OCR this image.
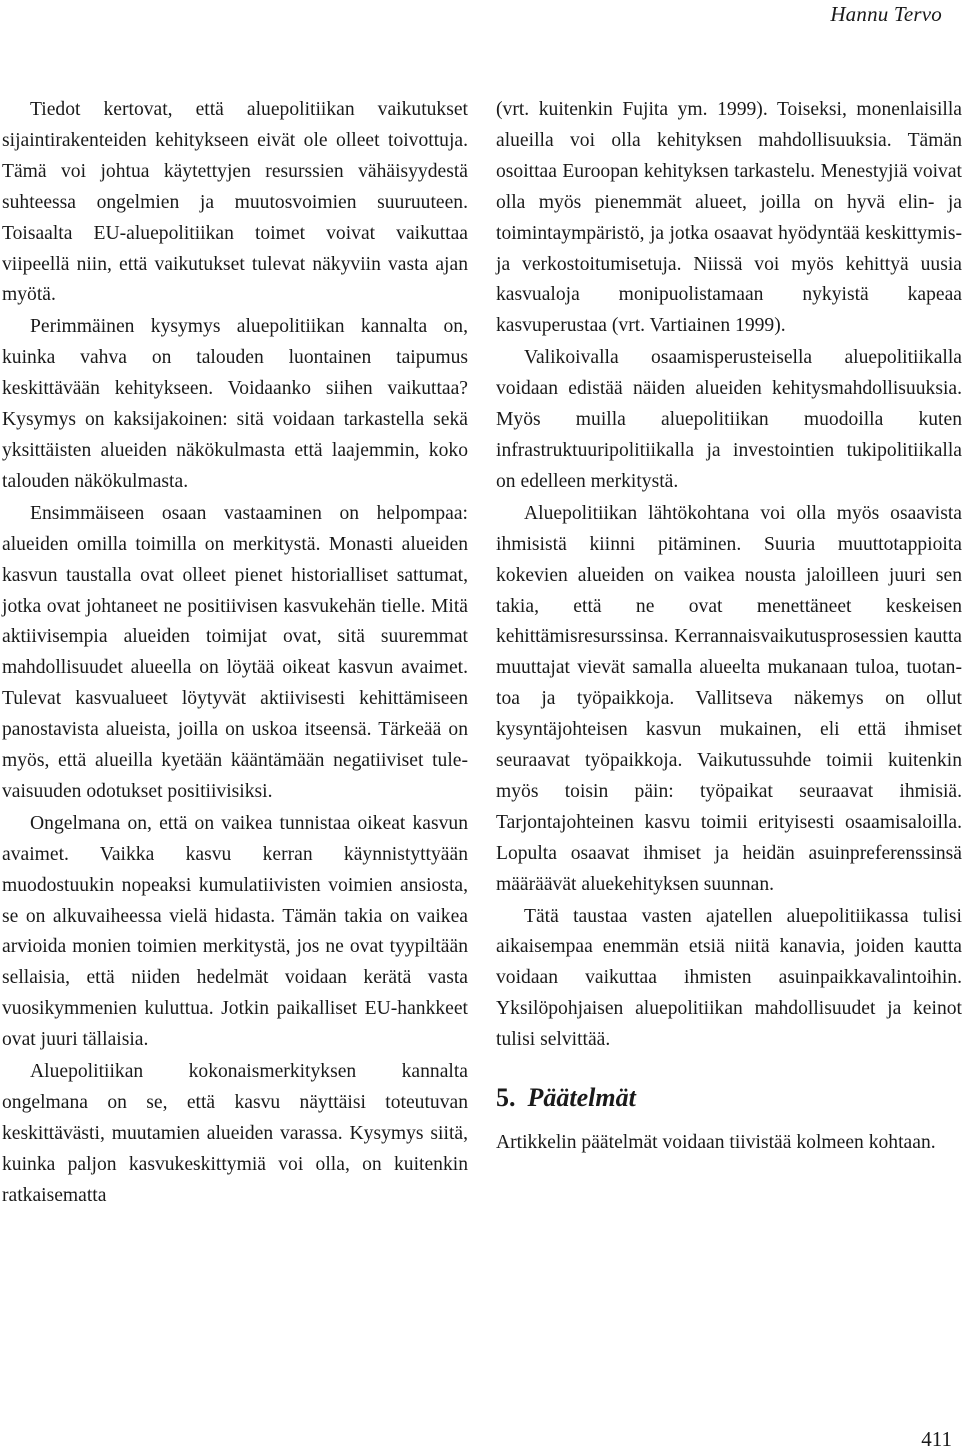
Hannu Tervo

Tiedot kertovat, että aluepolitiikan vaikutukset sijaintirakenteiden kehitykseen eivät ole olleet toivottuja. Tämä voi johtua käytettyjen resurssien vähäisyydestä suhteessa ongelmien ja muutosvoimien suuruuteen. Toisaalta EU-aluepolitiikan toimet voivat vaikuttaa viipeellä niin, että vaikutukset tulevat näkyviin vasta ajan myötä.

Perimmäinen kysymys aluepolitiikan kannalta on, kuinka vahva on talouden luontainen taipumus keskittävään kehitykseen. Voidaanko siihen vaikuttaa? Kysymys on kaksijakoinen: sitä voidaan tarkastella sekä yksittäisten alueiden näkökulmasta että laajemmin, koko talouden näkökulmasta.

Ensimmäiseen osaan vastaaminen on helpompaa: alueiden omilla toimilla on merkitystä. Monasti alueiden kasvun taustalla ovat olleet pienet historialliset sattumat, jotka ovat johtaneet ne positiivisen kasvukehän tielle. Mitä aktiivisempia alueiden toimijat ovat, sitä suuremmat mahdollisuudet alueella on löytää oikeat kasvun avaimet. Tulevat kasvualueet löytyvät aktiivisesti kehittämiseen panostavista alueista, joilla on uskoa itseensä. Tärkeää on myös, että alueilla kyetään kääntämään negatiiviset tulevaisuuden odotukset positiivisiksi.

Ongelmana on, että on vaikea tunnistaa oikeat kasvun avaimet. Vaikka kasvu kerran käynnistyttyään muodostuukin nopeaksi kumulatiivisten voimien ansiosta, se on alkuvaiheessa vielä hidasta. Tämän takia on vaikea arvioida monien toimien merkitystä, jos ne ovat tyypiltään sellaisia, että niiden hedelmät voidaan kerätä vasta vuosikymmenien kuluttua. Jotkin paikalliset EU-hankkeet ovat juuri tällaisia.

Aluepolitiikan kokonaismerkityksen kannalta ongelmana on se, että kasvu näyttäisi toteutuvan keskittävästi, muutamien alueiden varassa. Kysymys siitä, kuinka paljon kasvukeskittymiä voi olla, on kuitenkin ratkaisematta

(vrt. kuitenkin Fujita ym. 1999). Toiseksi, monenlaisilla alueilla voi olla kehityksen mahdollisuuksia. Tämän osoittaa Euroopan kehityksen tarkastelu. Menestyjiä voivat olla myös pienemmät alueet, joilla on hyvä elin- ja toimintaympäristö, ja jotka osaavat hyödyntää keskittymis- ja verkostoitumisetuja. Niissä voi myös kehittyä uusia kasvualoja monipuolistamaan nykyistä kapeaa kasvuperustaa (vrt. Vartiainen 1999).

Valikoivalla osaamisperusteisella aluepolitiikalla voidaan edistää näiden alueiden kehitysmahdollisuuksia. Myös muilla aluepolitiikan muodoilla kuten infrastruktuuripolitiikalla ja investointien tukipolitiikalla on edelleen merkitystä.

Aluepolitiikan lähtökohtana voi olla myös osaavista ihmisistä kiinni pitäminen. Suuria muuttotappioita kokevien alueiden on vaikea nousta jaloilleen juuri sen takia, että ne ovat menettäneet keskeisen kehittämisresurssinsa. Kerrannaisvaikutusprosessien kautta muuttajat vievät samalla alueelta mukanaan tuloa, tuotantoa ja työpaikkoja. Vallitseva näkemys on ollut kysyntäjohteisen kasvun mukainen, eli että ihmiset seuraavat työpaikkoja. Vaikutussuhde toimii kuitenkin myös toisin päin: työpaikat seuraavat ihmisiä. Tarjontajohteinen kasvu toimii erityisesti osaamisaloilla. Lopulta osaavat ihmiset ja heidän asuinpreferenssinsä määräävät aluekehityksen suunnan.

Tätä taustaa vasten ajatellen aluepolitiikassa tulisi aikaisempaa enemmän etsiä niitä kanavia, joiden kautta voidaan vaikuttaa ihmisten asuinpaikkavalintoihin. Yksilöpohjaisen aluepolitiikan mahdollisuudet ja keinot tulisi selvittää.

5. Päätelmät

Artikkelin päätelmät voidaan tiivistää kolmeen kohtaan.

411
